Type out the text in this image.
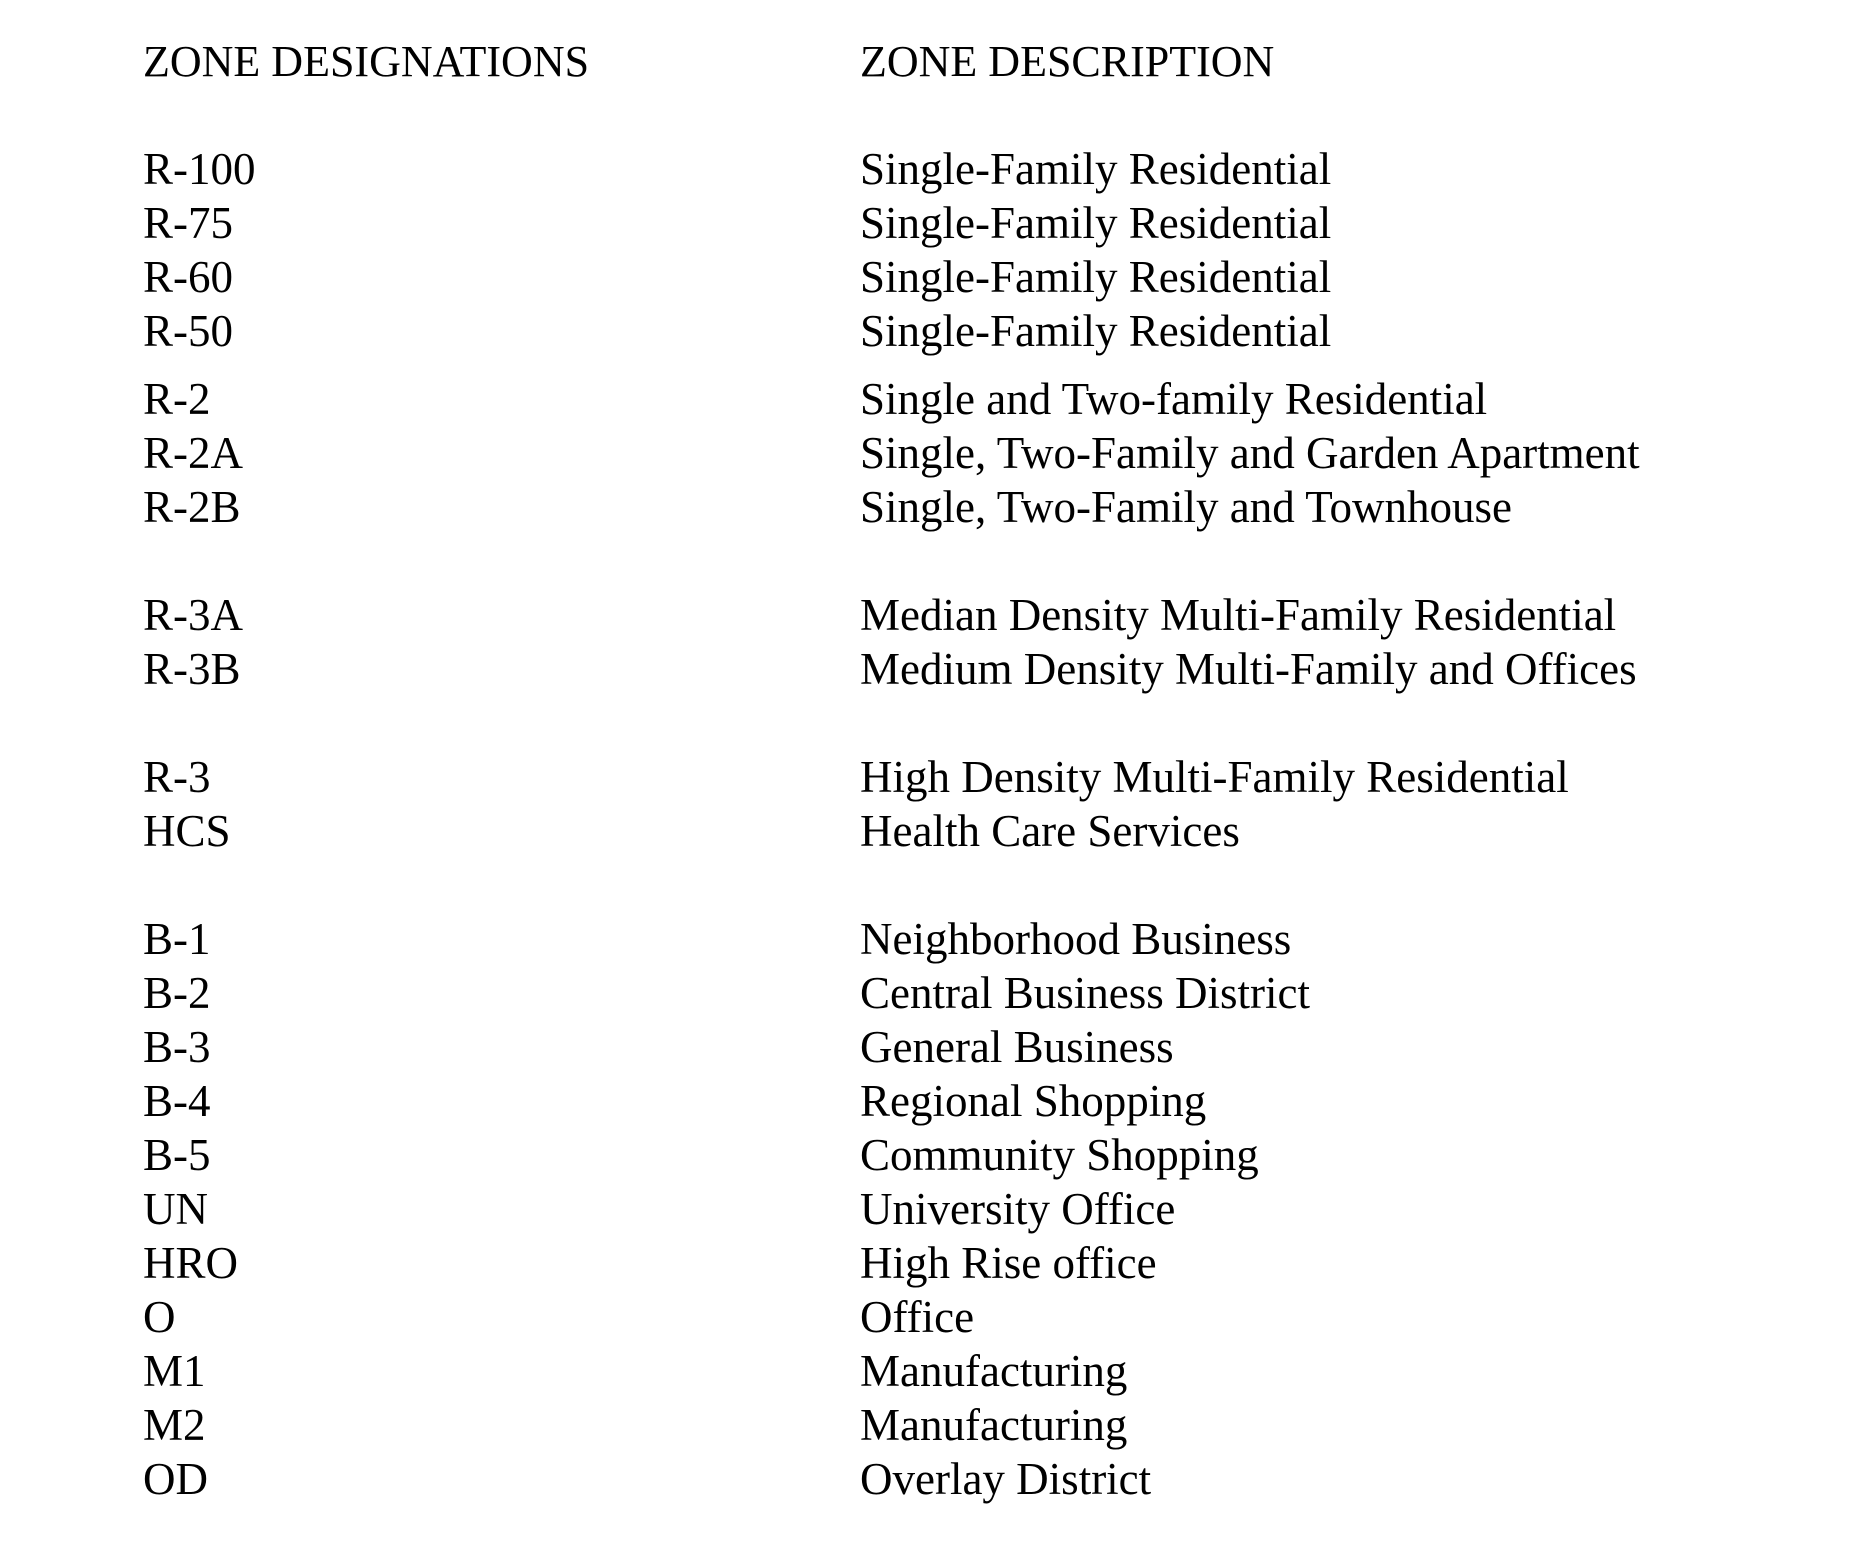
ZONE DESIGNATIONS	ZONE DESCRIPTION
R-100	Single-Family Residential
R-75	Single-Family Residential
R-60	Single-Family Residential
R-50	Single-Family Residential
R-2	Single and Two-family Residential
R-2A	Single, Two-Family and Garden Apartment
R-2B	Single, Two-Family and Townhouse
R-3A	Median Density Multi-Family Residential
R-3B	Medium Density Multi-Family and Offices
R-3	High Density Multi-Family Residential
HCS	Health Care Services
B-1	Neighborhood Business
B-2	Central Business District
B-3	General Business
B-4	Regional Shopping
B-5	Community Shopping
UN	University Office
HRO	High Rise office
O	Office
M1	Manufacturing
M2	Manufacturing
OD	Overlay District
